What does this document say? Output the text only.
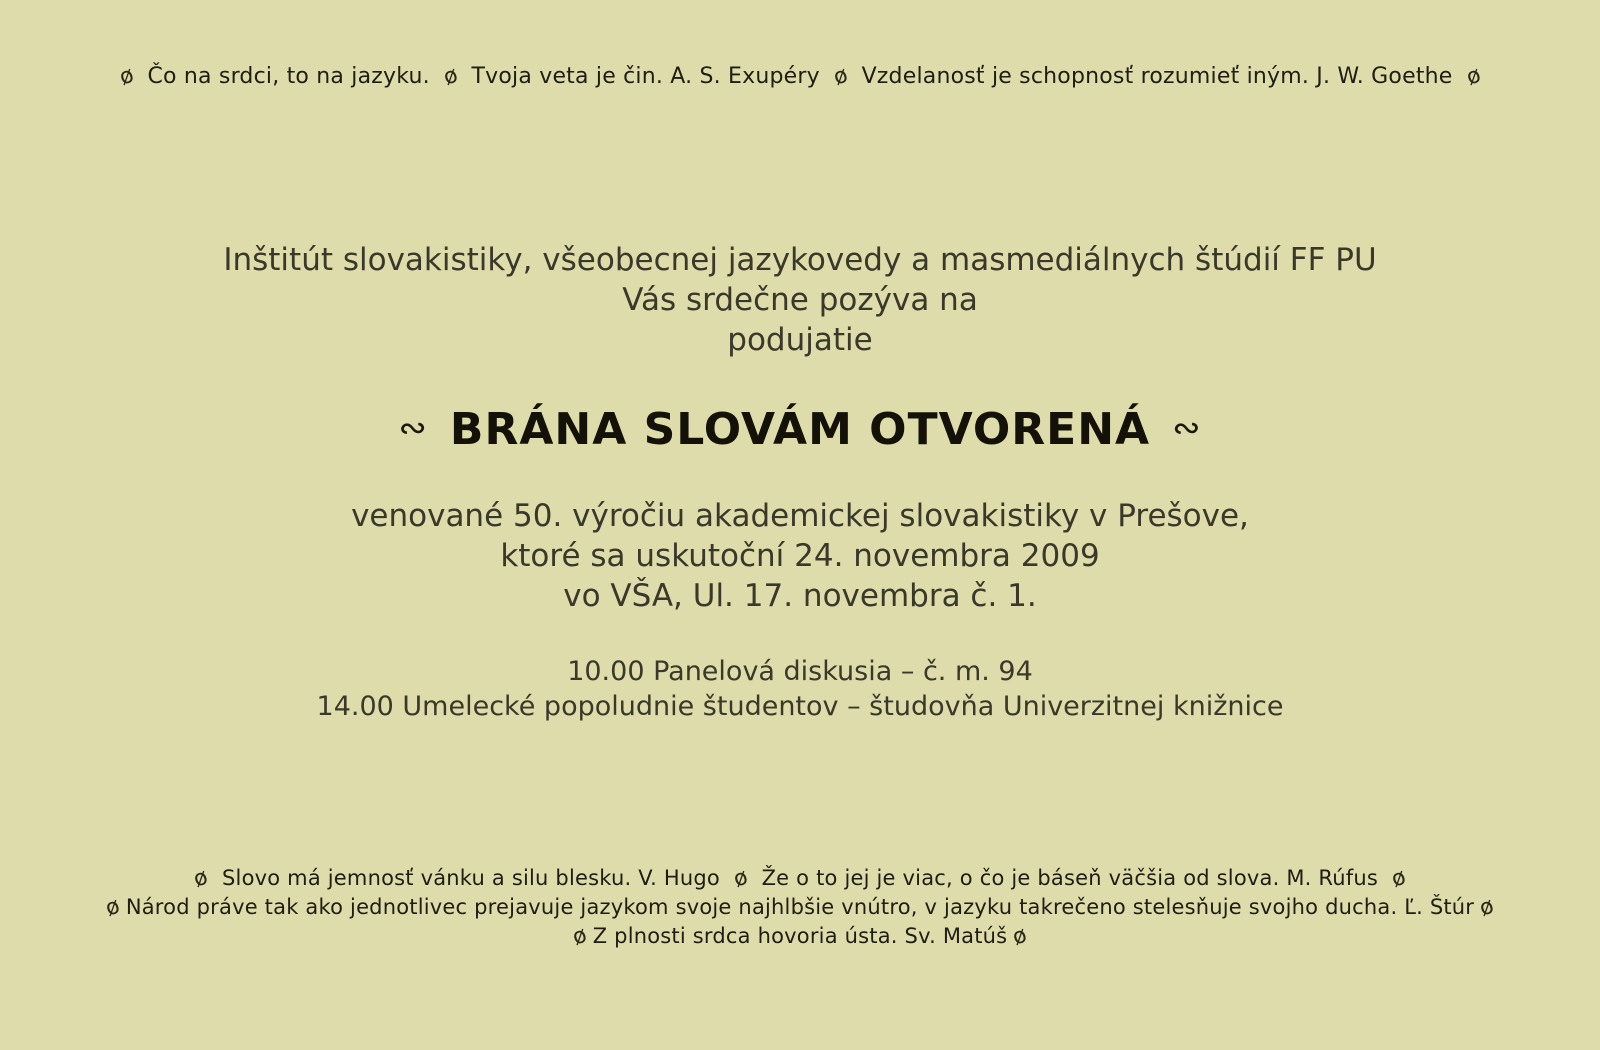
ø Čo na srdci, to na jazyku. ø Tvoja veta je čin. A. S. Exupéry ø Vzdelanosť je schopnosť rozumieť iným. J. W. Goethe ø
Inštitút slovakistiky, všeobecnej jazykovedy a masmediálnych štúdií FF PU
Vás srdečne pozýva na
podujatie
∾ BRÁNA SLOVÁM OTVORENÁ ∾
venované 50. výročiu akademickej slovakistiky v Prešove,
ktoré sa uskutoční 24. novembra 2009
vo VŠA, Ul. 17. novembra č. 1.
10.00 Panelová diskusia – č. m. 94
14.00 Umelecké popoludnie študentov – študovňa Univerzitnej knižnice
ø Slovo má jemnosť vánku a silu blesku. V. Hugo ø Že o to jej je viac, o čo je báseň väčšia od slova. M. Rúfus ø
ø Národ práve tak ako jednotlivec prejavuje jazykom svoje najhlbšie vnútro, v jazyku takrečeno stelesňuje svojho ducha. Ľ. Štúrø
ø Z plnosti srdca hovoria ústa. Sv. Matúšø
